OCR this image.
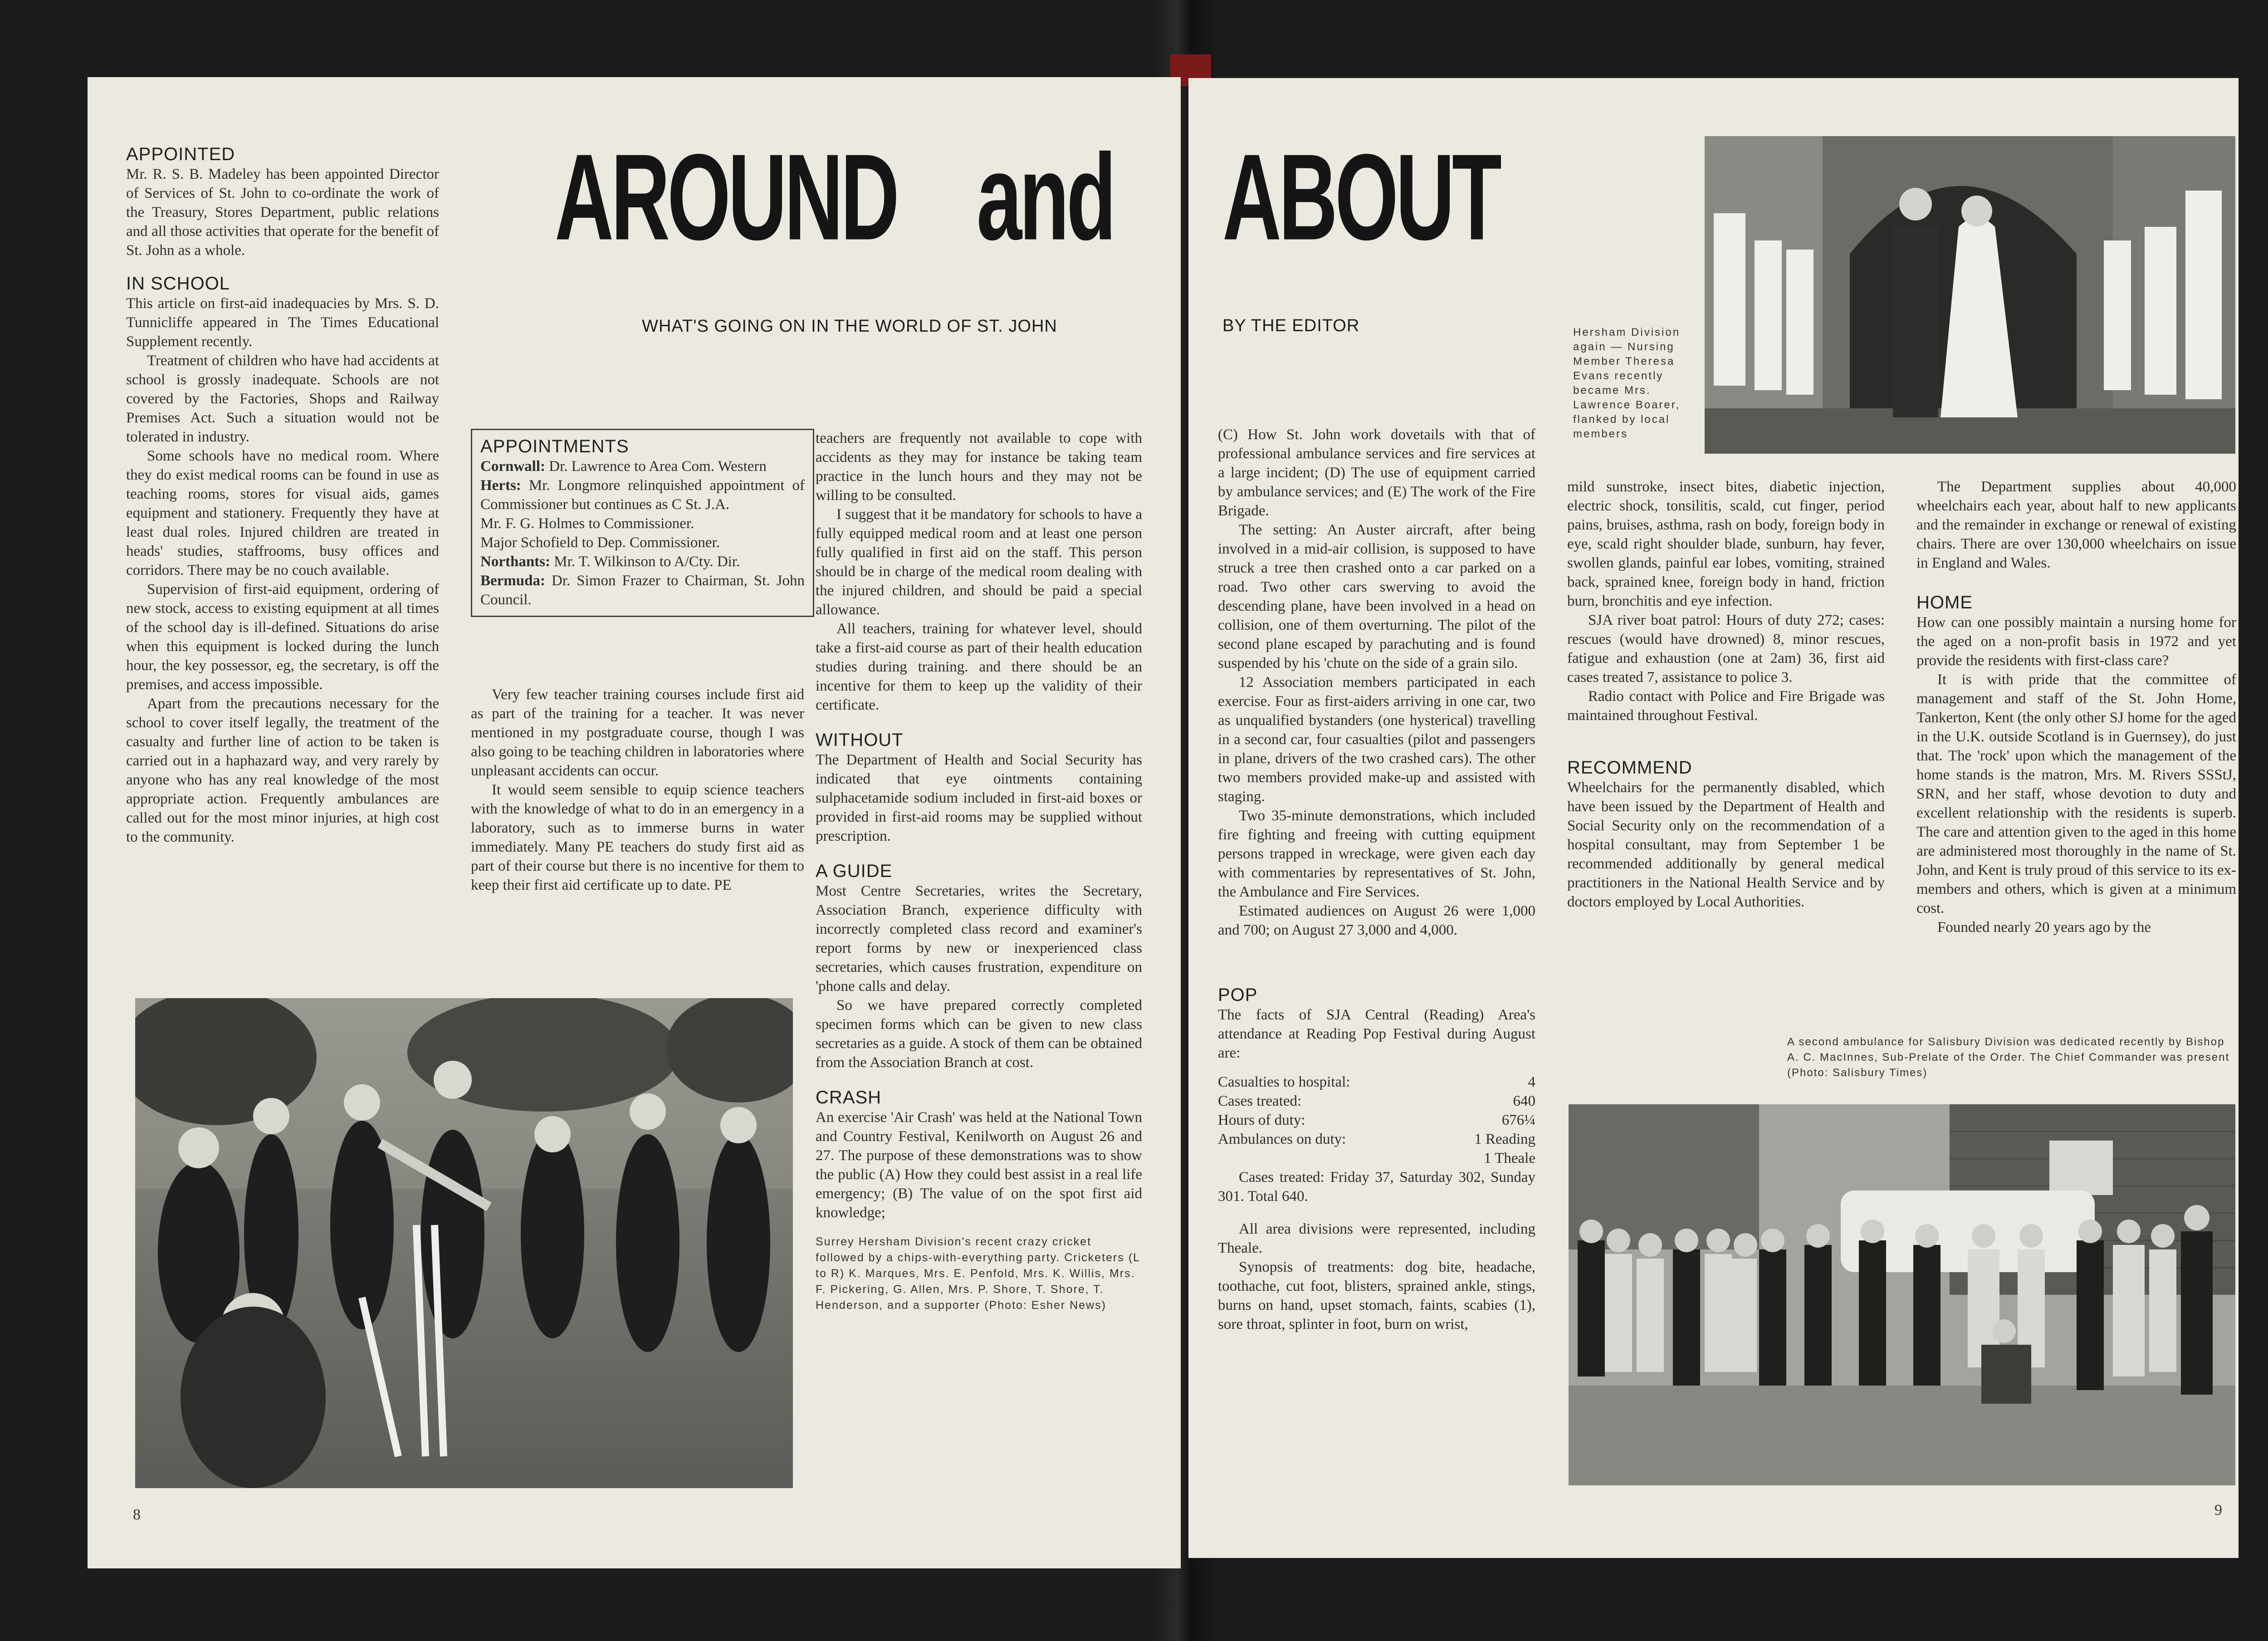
APPOINTED

Mr. R. S. B. Madeley has been appointed Director of Services of St. John to co-ordinate the work of the Treasury, Stores Department, public relations and all those activities that operate for the benefit of St. John as a whole.

IN SCHOOL

This article on first-aid inadequacies by Mrs. S. D. Tunnicliffe appeared in The Times Educational Supplement recently.

Treatment of children who have had accidents at school is grossly inadequate. Schools are not covered by the Factories, Shops and Railway Premises Act. Such a situation would not be tolerated in industry.

Some schools have no medical room. Where they do exist medical rooms can be found in use as teaching rooms, stores for visual aids, games equipment and stationery. Frequently they have at least dual roles. Injured children are treated in heads' studies, staffrooms, busy offices and corridors. There may be no couch available.

Supervision of first-aid equipment, ordering of new stock, access to existing equipment at all times of the school day is ill-defined. Situations do arise when this equipment is locked during the lunch hour, the key possessor, eg, the secretary, is off the premises, and access impossible.

Apart from the precautions necessary for the school to cover itself legally, the treatment of the casualty and further line of action to be taken is carried out in a haphazard way, and very rarely by anyone who has any real knowledge of the most appropriate action. Frequently ambulances are called out for the most minor injuries, at high cost to the community.

AROUND and
WHAT'S GOING ON IN THE WORLD OF ST. JOHN
APPOINTMENTS

Cornwall: Dr. Lawrence to Area Com. Western

Herts: Mr. Longmore relinquished appointment of Commissioner but continues as C St. J.A.

Mr. F. G. Holmes to Commissioner.

Major Schofield to Dep. Commissioner.

Northants: Mr. T. Wilkinson to A/Cty. Dir.

Bermuda: Dr. Simon Frazer to Chairman, St. John Council.

Very few teacher training courses include first aid as part of the training for a teacher. It was never mentioned in my postgraduate course, though I was also going to be teaching children in laboratories where unpleasant accidents can occur.

It would seem sensible to equip science teachers with the knowledge of what to do in an emergency in a laboratory, such as to immerse burns in water immediately. Many PE teachers do study first aid as part of their course but there is no incentive for them to keep their first aid certificate up to date. PE

teachers are frequently not available to cope with accidents as they may for instance be taking team practice in the lunch hours and they may not be willing to be consulted.

I suggest that it be mandatory for schools to have a fully equipped medical room and at least one person fully qualified in first aid on the staff. This person should be in charge of the medical room dealing with the injured children, and should be paid a special allowance.

All teachers, training for whatever level, should take a first-aid course as part of their health education studies during training. and there should be an incentive for them to keep up the validity of their certificate.

WITHOUT

The Department of Health and Social Security has indicated that eye ointments containing sulphacetamide sodium included in first-aid boxes or provided in first-aid rooms may be supplied without prescription.

A GUIDE

Most Centre Secretaries, writes the Secretary, Association Branch, experience difficulty with incorrectly completed class record and examiner's report forms by new or inexperienced class secretaries, which causes frustration, expenditure on 'phone calls and delay.

So we have prepared correctly completed specimen forms which can be given to new class secretaries as a guide. A stock of them can be obtained from the Association Branch at cost.

CRASH

An exercise 'Air Crash' was held at the National Town and Country Festival, Kenilworth on August 26 and 27. The purpose of these demonstrations was to show the public (A) How they could best assist in a real life emergency; (B) The value of on the spot first aid knowledge;

Surrey Hersham Division's recent crazy cricket followed by a chips-with-everything party. Cricketers (L to R) K. Marques, Mrs. E. Penfold, Mrs. K. Willis, Mrs. F. Pickering, G. Allen, Mrs. P. Shore, T. Shore, T. Henderson, and a supporter (Photo: Esher News)
8
ABOUT
BY THE EDITOR	Hersham Division again — Nursing Member Theresa Evans recently became Mrs. Lawrence Boarer, flanked by local members

(C) How St. John work dovetails with that of professional ambulance services and fire services at a large incident; (D) The use of equipment carried by ambulance services; and (E) The work of the Fire Brigade.

The setting: An Auster aircraft, after being involved in a mid-air collision, is supposed to have struck a tree then crashed onto a car parked on a road. Two other cars swerving to avoid the descending plane, have been involved in a head on collision, one of them overturning. The pilot of the second plane escaped by parachuting and is found suspended by his 'chute on the side of a grain silo.

12 Association members participated in each exercise. Four as first-aiders arriving in one car, two as unqualified bystanders (one hysterical) travelling in a second car, four casualties (pilot and passengers in plane, drivers of the two crashed cars). The other two members provided make-up and assisted with staging.

Two 35-minute demonstrations, which included fire fighting and freeing with cutting equipment persons trapped in wreckage, were given each day with commentaries by representatives of St. John, the Ambulance and Fire Services.

Estimated audiences on August 26 were 1,000 and 700; on August 27 3,000 and 4,000.

POP

The facts of SJA Central (Reading) Area's attendance at Reading Pop Festival during August are:

Casualties to hospital:	4
Cases treated:	640
Hours of duty:	676¼
Ambulances on duty:	1 Reading
1 Theale

Cases treated: Friday 37, Saturday 302, Sunday 301. Total 640.

All area divisions were represented, including Theale.

Synopsis of treatments: dog bite, headache, toothache, cut foot, blisters, sprained ankle, stings, burns on hand, upset stomach, faints, scabies (1), sore throat, splinter in foot, burn on wrist,

mild sunstroke, insect bites, diabetic injection, electric shock, tonsilitis, scald, cut finger, period pains, bruises, asthma, rash on body, foreign body in eye, scald right shoulder blade, sunburn, hay fever, swollen glands, painful ear lobes, vomiting, strained back, sprained knee, foreign body in hand, friction burn, bronchitis and eye infection.

SJA river boat patrol: Hours of duty 272; cases: rescues (would have drowned) 8, minor rescues, fatigue and exhaustion (one at 2am) 36, first aid cases treated 7, assistance to police 3.

Radio contact with Police and Fire Brigade was maintained throughout Festival.

RECOMMEND

Wheelchairs for the permanently disabled, which have been issued by the Department of Health and Social Security only on the recommendation of a hospital consultant, may from September 1 be recommended additionally by general medical practitioners in the National Health Service and by doctors employed by Local Authorities.

The Department supplies about 40,000 wheelchairs each year, about half to new applicants and the remainder in exchange or renewal of existing chairs. There are over 130,000 wheelchairs on issue in England and Wales.

HOME

How can one possibly maintain a nursing home for the aged on a non-profit basis in 1972 and yet provide the residents with first-class care?

It is with pride that the committee of management and staff of the St. John Home, Tankerton, Kent (the only other SJ home for the aged in the U.K. outside Scotland is in Guernsey), do just that. The 'rock' upon which the management of the home stands is the matron, Mrs. M. Rivers SSStJ, SRN, and her staff, whose devotion to duty and excellent relationship with the residents is superb. The care and attention given to the aged in this home are administered most thoroughly in the name of St. John, and Kent is truly proud of this service to its ex-members and others, which is given at a minimum cost.

Founded nearly 20 years ago by the

A second ambulance for Salisbury Division was dedicated recently by Bishop A. C. MacInnes, Sub-Prelate of the Order. The Chief Commander was present (Photo: Salisbury Times)
9
